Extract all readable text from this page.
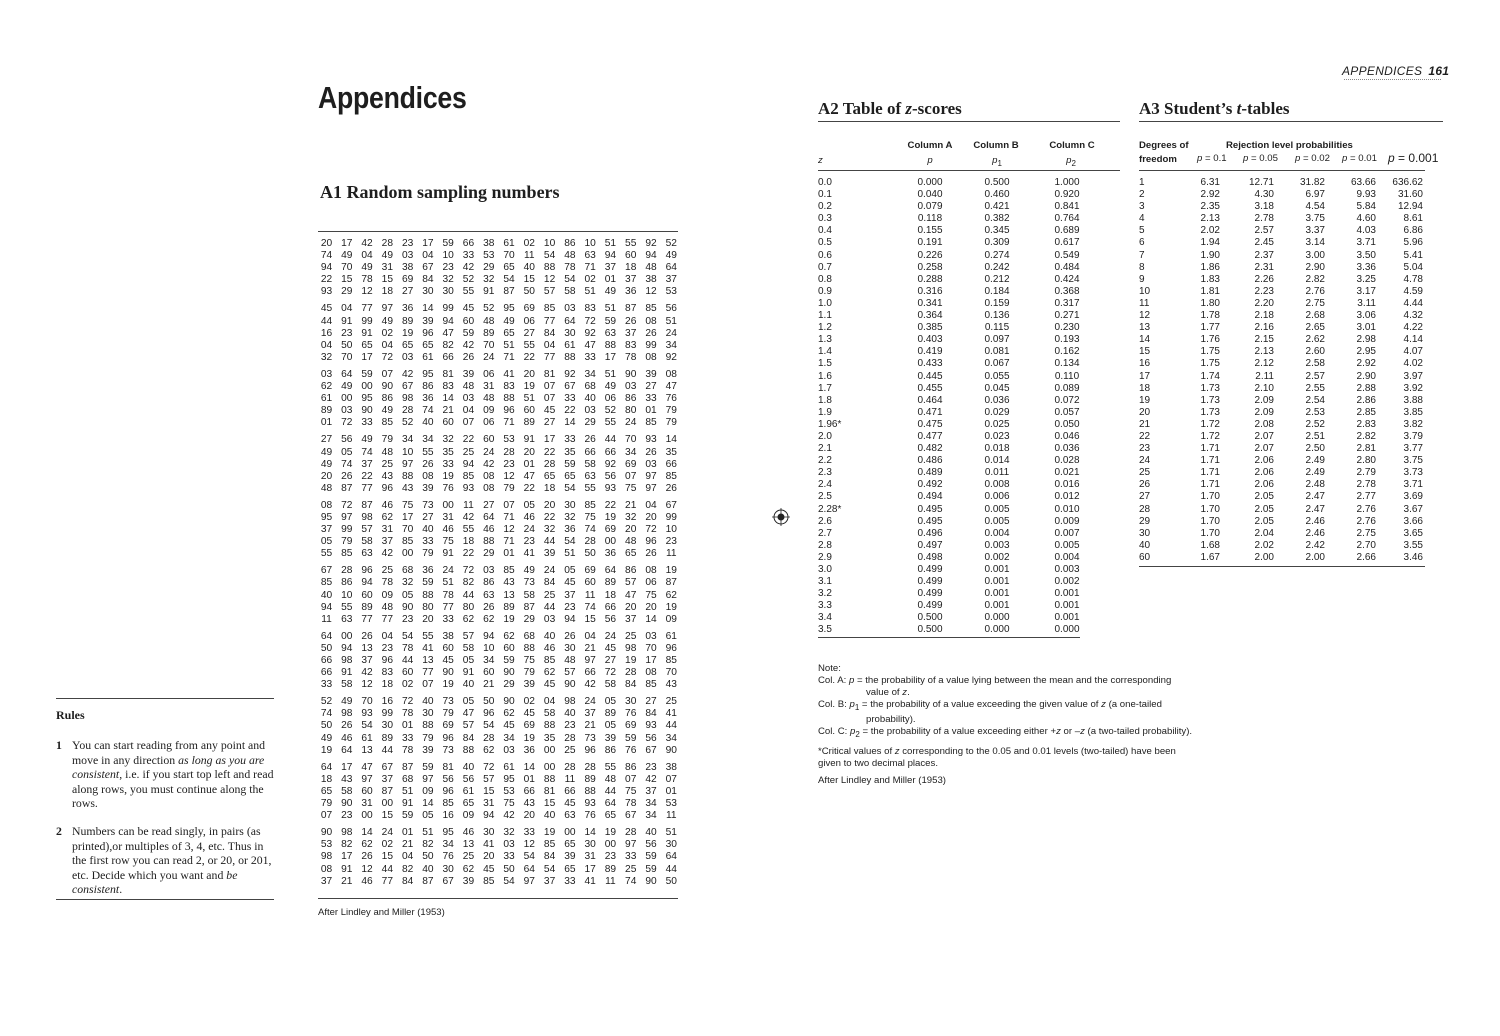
APPENDICES 161
Appendices
A1 Random sampling numbers
20 17 42 28 23 17 59 66 38 61 02 10 86 10 51 55 92 52
74 49 04 49 03 04 10 33 53 70 11 54 48 63 94 60 94 49
94 70 49 31 38 67 23 42 29 65 40 88 78 71 37 18 48 64
22 15 78 15 69 84 32 52 32 54 15 12 54 02 01 37 38 37
93 29 12 18 27 30 30 55 91 87 50 57 58 51 49 36 12 53
45 04 77 97 36 14 99 45 52 95 69 85 03 83 51 87 85 56
44 91 99 49 89 39 94 60 48 49 06 77 64 72 59 26 08 51
16 23 91 02 19 96 47 59 89 65 27 84 30 92 63 37 26 24
04 50 65 04 65 65 82 42 70 51 55 04 61 47 88 83 99 34
32 70 17 72 03 61 66 26 24 71 22 77 88 33 17 78 08 92
03 64 59 07 42 95 81 39 06 41 20 81 92 34 51 90 39 08
62 49 00 90 67 86 83 48 31 83 19 07 67 68 49 03 27 47
61 00 95 86 98 36 14 03 48 88 51 07 33 40 06 86 33 76
89 03 90 49 28 74 21 04 09 96 60 45 22 03 52 80 01 79
01 72 33 85 52 40 60 07 06 71 89 27 14 29 55 24 85 79
27 56 49 79 34 34 32 22 60 53 91 17 33 26 44 70 93 14
49 05 74 48 10 55 35 25 24 28 20 22 35 66 66 34 26 35
49 74 37 25 97 26 33 94 42 23 01 28 59 58 92 69 03 66
20 26 22 43 88 08 19 85 08 12 47 65 65 63 56 07 97 85
48 87 77 96 43 39 76 93 08 79 22 18 54 55 93 75 97 26
08 72 87 46 75 73 00 11 27 07 05 20 30 85 22 21 04 67
95 97 98 62 17 27 31 42 64 71 46 22 32 75 19 32 20 99
37 99 57 31 70 40 46 55 46 12 24 32 36 74 69 20 72 10
05 79 58 37 85 33 75 18 88 71 23 44 54 28 00 48 96 23
55 85 63 42 00 79 91 22 29 01 41 39 51 50 36 65 26 11
67 28 96 25 68 36 24 72 03 85 49 24 05 69 64 86 08 19
85 86 94 78 32 59 51 82 86 43 73 84 45 60 89 57 06 87
40 10 60 09 05 88 78 44 63 13 58 25 37 11 18 47 75 62
94 55 89 48 90 80 77 80 26 89 87 44 23 74 66 20 20 19
11 63 77 77 23 20 33 62 62 19 29 03 94 15 56 37 14 09
64 00 26 04 54 55 38 57 94 62 68 40 26 04 24 25 03 61
50 94 13 23 78 41 60 58 10 60 88 46 30 21 45 98 70 96
66 98 37 96 44 13 45 05 34 59 75 85 48 97 27 19 17 85
66 91 42 83 60 77 90 91 60 90 79 62 57 66 72 28 08 70
33 58 12 18 02 07 19 40 21 29 39 45 90 42 58 84 85 43
52 49 70 16 72 40 73 05 50 90 02 04 98 24 05 30 27 25
74 98 93 99 78 30 79 47 96 62 45 58 40 37 89 76 84 41
50 26 54 30 01 88 69 57 54 45 69 88 23 21 05 69 93 44
49 46 61 89 33 79 96 84 28 34 19 35 28 73 39 59 56 34
19 64 13 44 78 39 73 88 62 03 36 00 25 96 86 76 67 90
64 17 47 67 87 59 81 40 72 61 14 00 28 28 55 86 23 38
18 43 97 37 68 97 56 56 57 95 01 88 11 89 48 07 42 07
65 58 60 87 51 09 96 61 15 53 66 81 66 88 44 75 37 01
79 90 31 00 91 14 85 65 31 75 43 15 45 93 64 78 34 53
07 23 00 15 59 05 16 09 94 42 20 40 63 76 65 67 34 11
90 98 14 24 01 51 95 46 30 32 33 19 00 14 19 28 40 51
53 82 62 02 21 82 34 13 41 03 12 85 65 30 00 97 56 30
98 17 26 15 04 50 76 25 20 33 54 84 39 31 23 33 59 64
08 91 12 44 82 40 30 62 45 50 64 54 65 17 89 25 59 44
37 21 46 77 84 87 67 39 85 54 97 37 33 41 11 74 90 50
After Lindley and Miller (1953)
Rules
1 You can start reading from any point and move in any direction as long as you are consistent, i.e. if you start top left and read along rows, you must continue along the rows.
2 Numbers can be read singly, in pairs (as printed),or multiples of 3, 4, etc. Thus in the first row you can read 2, or 20, or 201, etc. Decide which you want and be consistent.
A2 Table of z-scores
Column A	Column B	Column C
z	p	$p_1$	$p_2$
0.0	0.000	0.500	1.000
0.1	0.040	0.460	0.920
0.2	0.079	0.421	0.841
0.3	0.118	0.382	0.764
0.4	0.155	0.345	0.689
0.5	0.191	0.309	0.617
0.6	0.226	0.274	0.549
0.7	0.258	0.242	0.484
0.8	0.288	0.212	0.424
0.9	0.316	0.184	0.368
1.0	0.341	0.159	0.317
1.1	0.364	0.136	0.271
1.2	0.385	0.115	0.230
1.3	0.403	0.097	0.193
1.4	0.419	0.081	0.162
1.5	0.433	0.067	0.134
1.6	0.445	0.055	0.110
1.7	0.455	0.045	0.089
1.8	0.464	0.036	0.072
1.9	0.471	0.029	0.057
1.96*	0.475	0.025	0.050
2.0	0.477	0.023	0.046
2.1	0.482	0.018	0.036
2.2	0.486	0.014	0.028
2.3	0.489	0.011	0.021
2.4	0.492	0.008	0.016
2.5	0.494	0.006	0.012
2.28*	0.495	0.005	0.010
2.6	0.495	0.005	0.009
2.7	0.496	0.004	0.007
2.8	0.497	0.003	0.005
2.9	0.498	0.002	0.004
3.0	0.499	0.001	0.003
3.1	0.499	0.001	0.002
3.2	0.499	0.001	0.001
3.3	0.499	0.001	0.001
3.4	0.500	0.000	0.001
3.5	0.500	0.000	0.000
Note:
Col. A: p = the probability of a value lying between the mean and the corresponding
value of z.
Col. B: $p_1$ = the probability of a value exceeding the given value of z (a one-tailed
probability).
Col. C: $p_2$ = the probability of a value exceeding either +z or –z (a two-tailed probability).
*Critical values of z corresponding to the 0.05 and 0.01 levels (two-tailed) have been
given to two decimal places.
After Lindley and Miller (1953)
A3 Student’s t-tables
Degrees of
freedom
Rejection level probabilities
p = 0.1 p = 0.05 p = 0.02 p = 0.01 p = 0.001
1	6.31	12.71	31.82	63.66	636.62
2	2.92	4.30	6.97	9.93	31.60
3	2.35	3.18	4.54	5.84	12.94
4	2.13	2.78	3.75	4.60	8.61
5	2.02	2.57	3.37	4.03	6.86
6	1.94	2.45	3.14	3.71	5.96
7	1.90	2.37	3.00	3.50	5.41
8	1.86	2.31	2.90	3.36	5.04
9	1.83	2.26	2.82	3.25	4.78
10	1.81	2.23	2.76	3.17	4.59
11	1.80	2.20	2.75	3.11	4.44
12	1.78	2.18	2.68	3.06	4.32
13	1.77	2.16	2.65	3.01	4.22
14	1.76	2.15	2.62	2.98	4.14
15	1.75	2.13	2.60	2.95	4.07
16	1.75	2.12	2.58	2.92	4.02
17	1.74	2.11	2.57	2.90	3.97
18	1.73	2.10	2.55	2.88	3.92
19	1.73	2.09	2.54	2.86	3.88
20	1.73	2.09	2.53	2.85	3.85
21	1.72	2.08	2.52	2.83	3.82
22	1.72	2.07	2.51	2.82	3.79
23	1.71	2.07	2.50	2.81	3.77
24	1.71	2.06	2.49	2.80	3.75
25	1.71	2.06	2.49	2.79	3.73
26	1.71	2.06	2.48	2.78	3.71
27	1.70	2.05	2.47	2.77	3.69
28	1.70	2.05	2.47	2.76	3.67
29	1.70	2.05	2.46	2.76	3.66
30	1.70	2.04	2.46	2.75	3.65
40	1.68	2.02	2.42	2.70	3.55
60	1.67	2.00	2.00	2.66	3.46
